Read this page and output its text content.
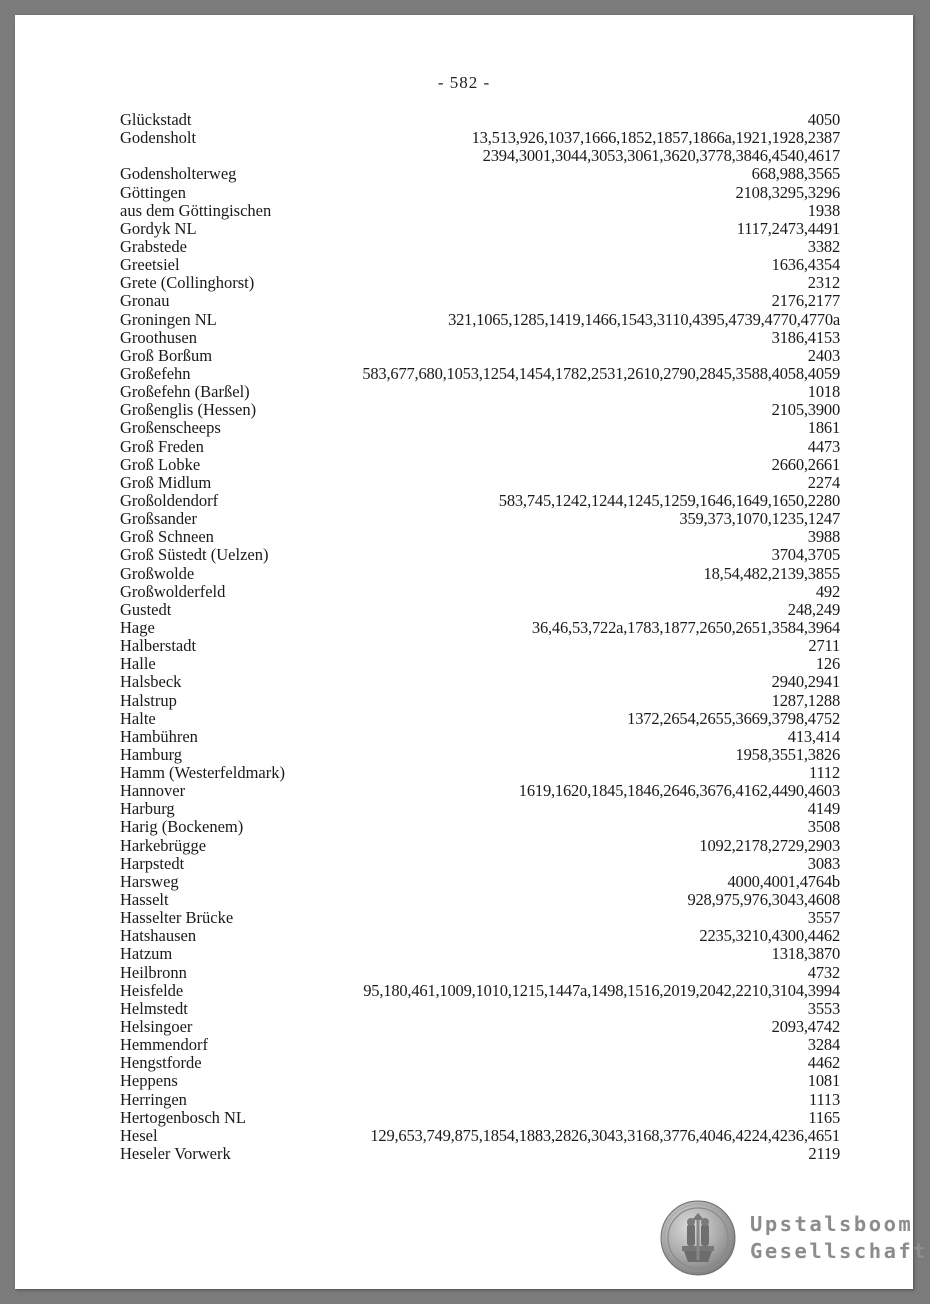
- 582 -
Glückstadt	4050
Godensholt	13,513,926,1037,1666,1852,1857,1866a,1921,1928,2387
2394,3001,3044,3053,3061,3620,3778,3846,4540,4617
Godensholterweg	668,988,3565
Göttingen	2108,3295,3296
aus dem Göttingischen	1938
Gordyk NL	1117,2473,4491
Grabstede	3382
Greetsiel	1636,4354
Grete (Collinghorst)	2312
Gronau	2176,2177
Groningen NL	321,1065,1285,1419,1466,1543,3110,4395,4739,4770,4770a
Groothusen	3186,4153
Groß Borßum	2403
Großefehn	583,677,680,1053,1254,1454,1782,2531,2610,2790,2845,3588,4058,4059
Großefehn (Barßel)	1018
Großenglis (Hessen)	2105,3900
Großenscheeps	1861
Groß Freden	4473
Groß Lobke	2660,2661
Groß Midlum	2274
Großoldendorf	583,745,1242,1244,1245,1259,1646,1649,1650,2280
Großsander	359,373,1070,1235,1247
Groß Schneen	3988
Groß Süstedt (Uelzen)	3704,3705
Großwolde	18,54,482,2139,3855
Großwolderfeld	492
Gustedt	248,249
Hage	36,46,53,722a,1783,1877,2650,2651,3584,3964
Halberstadt	2711
Halle	126
Halsbeck	2940,2941
Halstrup	1287,1288
Halte	1372,2654,2655,3669,3798,4752
Hambühren	413,414
Hamburg	1958,3551,3826
Hamm (Westerfeldmark)	1112
Hannover	1619,1620,1845,1846,2646,3676,4162,4490,4603
Harburg	4149
Harig (Bockenem)	3508
Harkebrügge	1092,2178,2729,2903
Harpstedt	3083
Harsweg	4000,4001,4764b
Hasselt	928,975,976,3043,4608
Hasselter Brücke	3557
Hatshausen	2235,3210,4300,4462
Hatzum	1318,3870
Heilbronn	4732
Heisfelde	95,180,461,1009,1010,1215,1447a,1498,1516,2019,2042,2210,3104,3994
Helmstedt	3553
Helsingoer	2093,4742
Hemmendorf	3284
Hengstforde	4462
Heppens	1081
Herringen	1113
Hertogenbosch NL	1165
Hesel	129,653,749,875,1854,1883,2826,3043,3168,3776,4046,4224,4236,4651
Heseler Vorwerk	2119
Upstalsboom
Gesellschaft
